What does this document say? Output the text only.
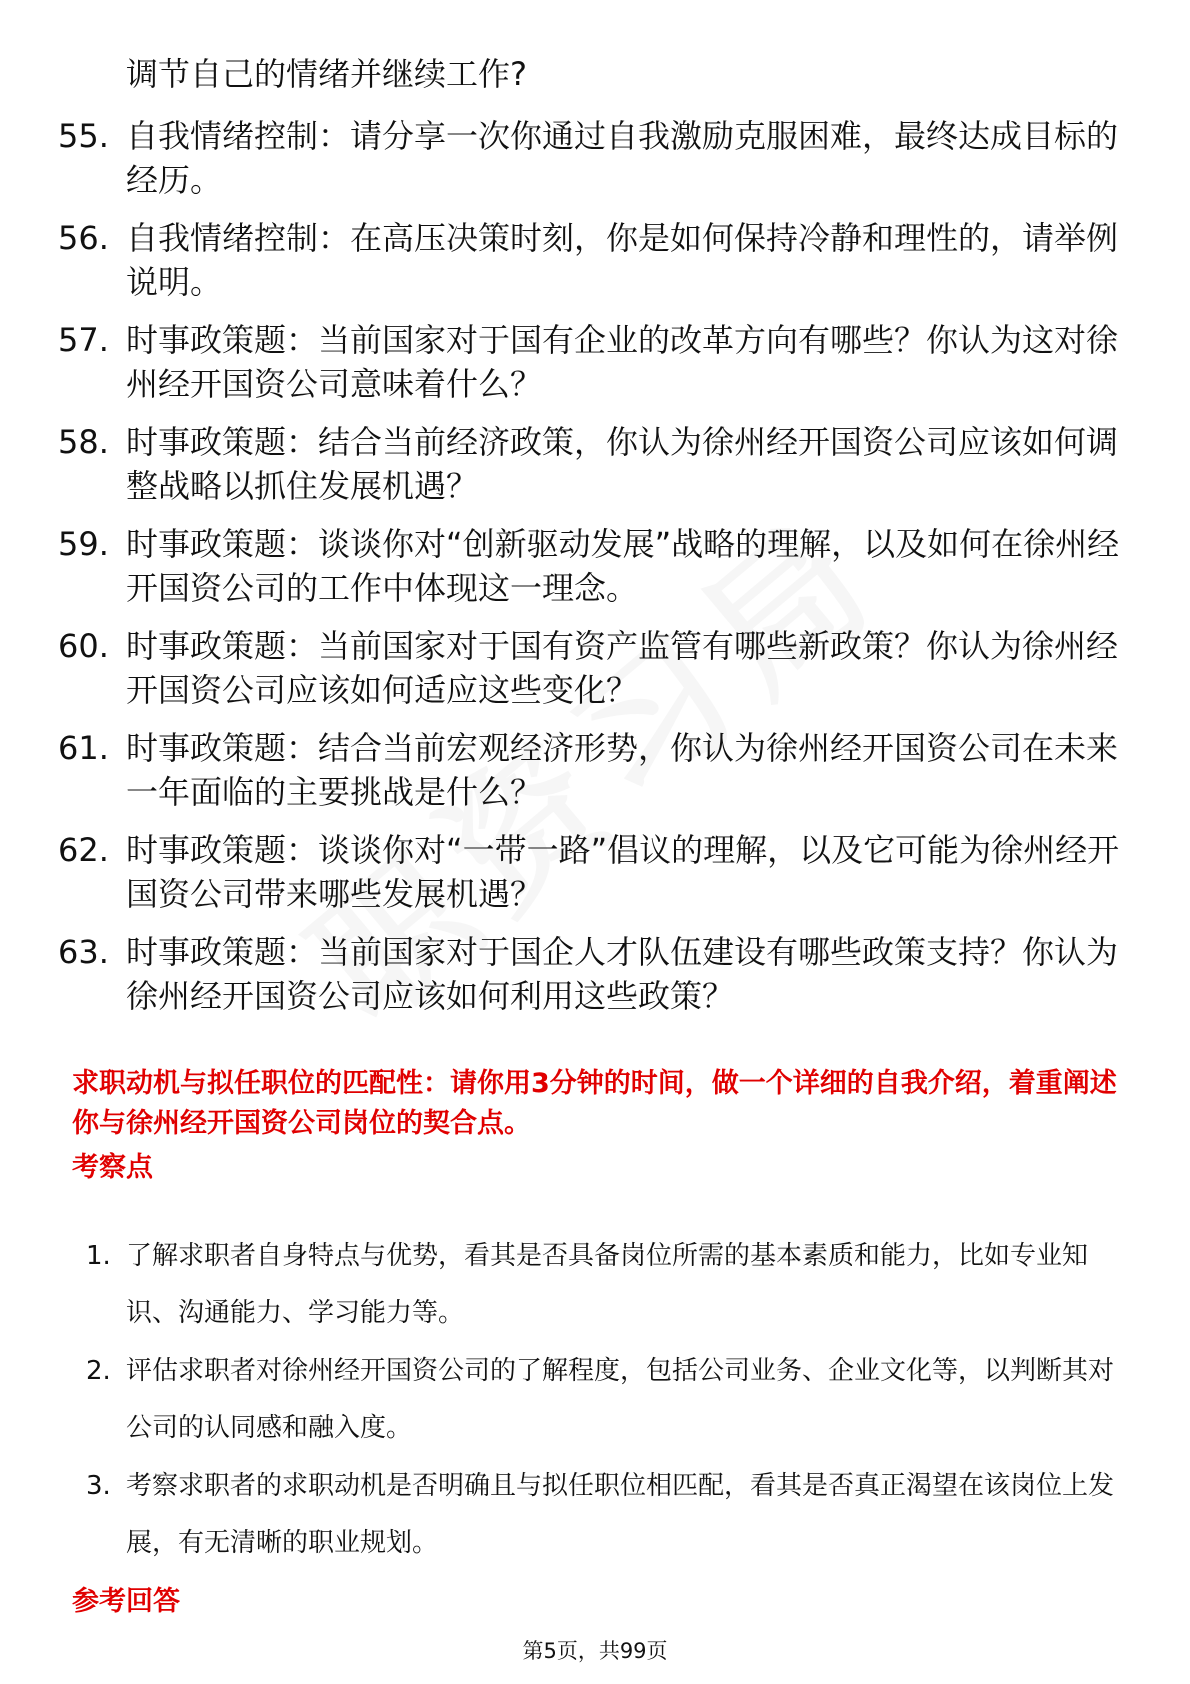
调节自己的情绪并继续工作?

55. 自我情绪控制：请分享一次你通过自我激励克服困难，最终达成目标的经历。
56. 自我情绪控制：在高压决策时刻，你是如何保持冷静和理性的，请举例说明。
57. 时事政策题：当前国家对于国有企业的改革方向有哪些？你认为这对徐州经开国资公司意味着什么？
58. 时事政策题：结合当前经济政策，你认为徐州经开国资公司应该如何调整战略以抓住发展机遇？
59. 时事政策题：谈谈你对“创新驱动发展”战略的理解，以及如何在徐州经开国资公司的工作中体现这一理念。
60. 时事政策题：当前国家对于国有资产监管有哪些新政策？你认为徐州经开国资公司应该如何适应这些变化？
61. 时事政策题：结合当前宏观经济形势，你认为徐州经开国资公司在未来一年面临的主要挑战是什么？
62. 时事政策题：谈谈你对“一带一路”倡议的理解，以及它可能为徐州经开国资公司带来哪些发展机遇？
63. 时事政策题：当前国家对于国企人才队伍建设有哪些政策支持？你认为徐州经开国资公司应该如何利用这些政策？

求职动机与拟任职位的匹配性：请你用3分钟的时间，做一个详细的自我介绍，着重阐述你与徐州经开国资公司岗位的契合点。

考察点

1. 了解求职者自身特点与优势，看其是否具备岗位所需的基本素质和能力，比如专业知识、沟通能力、学习能力等。
2. 评估求职者对徐州经开国资公司的了解程度，包括公司业务、企业文化等，以判断其对公司的认同感和融入度。
3. 考察求职者的求职动机是否明确且与拟任职位相匹配，看其是否真正渴望在该岗位上发展，有无清晰的职业规划。

参考回答

第5页，共99页
